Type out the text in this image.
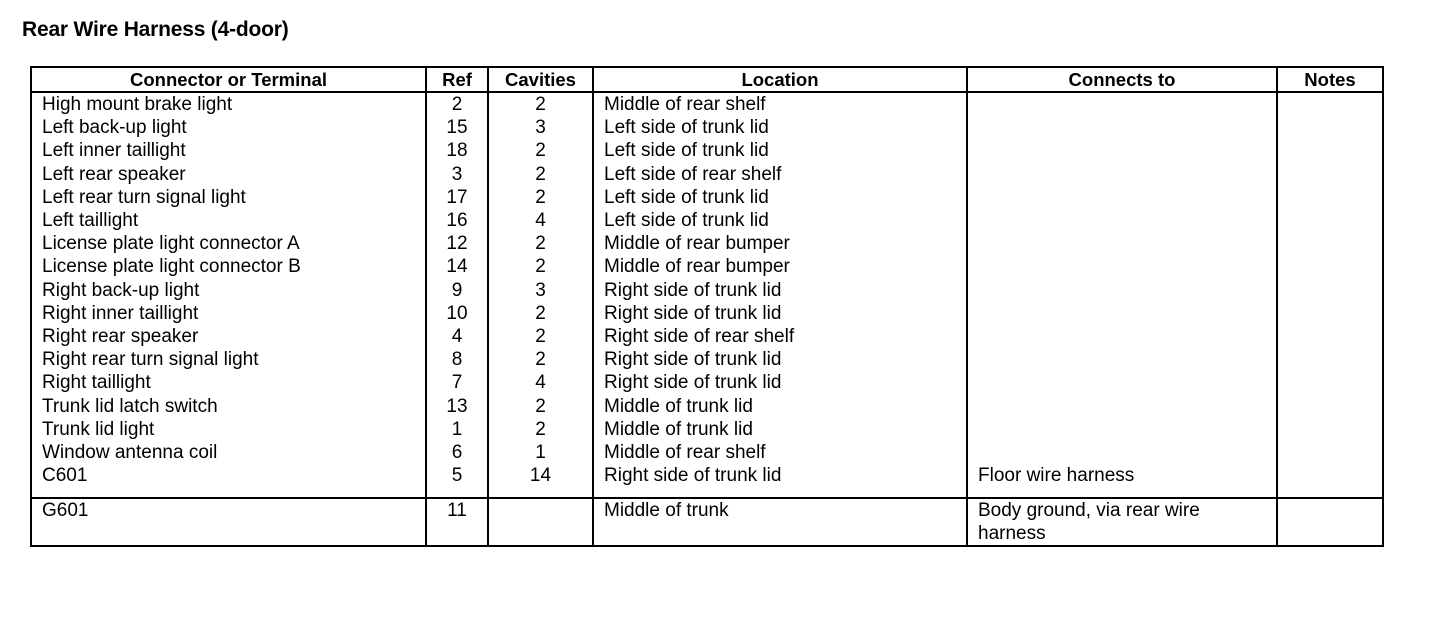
Rear Wire Harness (4-door)
Connector or Terminal	Ref	Cavities	Location	Connects to	Notes
High mount brake light	2	2	Middle of rear shelf		
Left back-up light	15	3	Left side of trunk lid		
Left inner taillight	18	2	Left side of trunk lid		
Left rear speaker	3	2	Left side of rear shelf		
Left rear turn signal light	17	2	Left side of trunk lid		
Left taillight	16	4	Left side of trunk lid		
License plate light connector A	12	2	Middle of rear bumper		
License plate light connector B	14	2	Middle of rear bumper		
Right back-up light	9	3	Right side of trunk lid		
Right inner taillight	10	2	Right side of trunk lid		
Right rear speaker	4	2	Right side of rear shelf		
Right rear turn signal light	8	2	Right side of trunk lid		
Right taillight	7	4	Right side of trunk lid		
Trunk lid latch switch	13	2	Middle of trunk lid		
Trunk lid light	1	2	Middle of trunk lid		
Window antenna coil	6	1	Middle of rear shelf		
C601	5	14	Right side of trunk lid	Floor wire harness	

G601	11		Middle of trunk	Body ground, via rear wire harness	
